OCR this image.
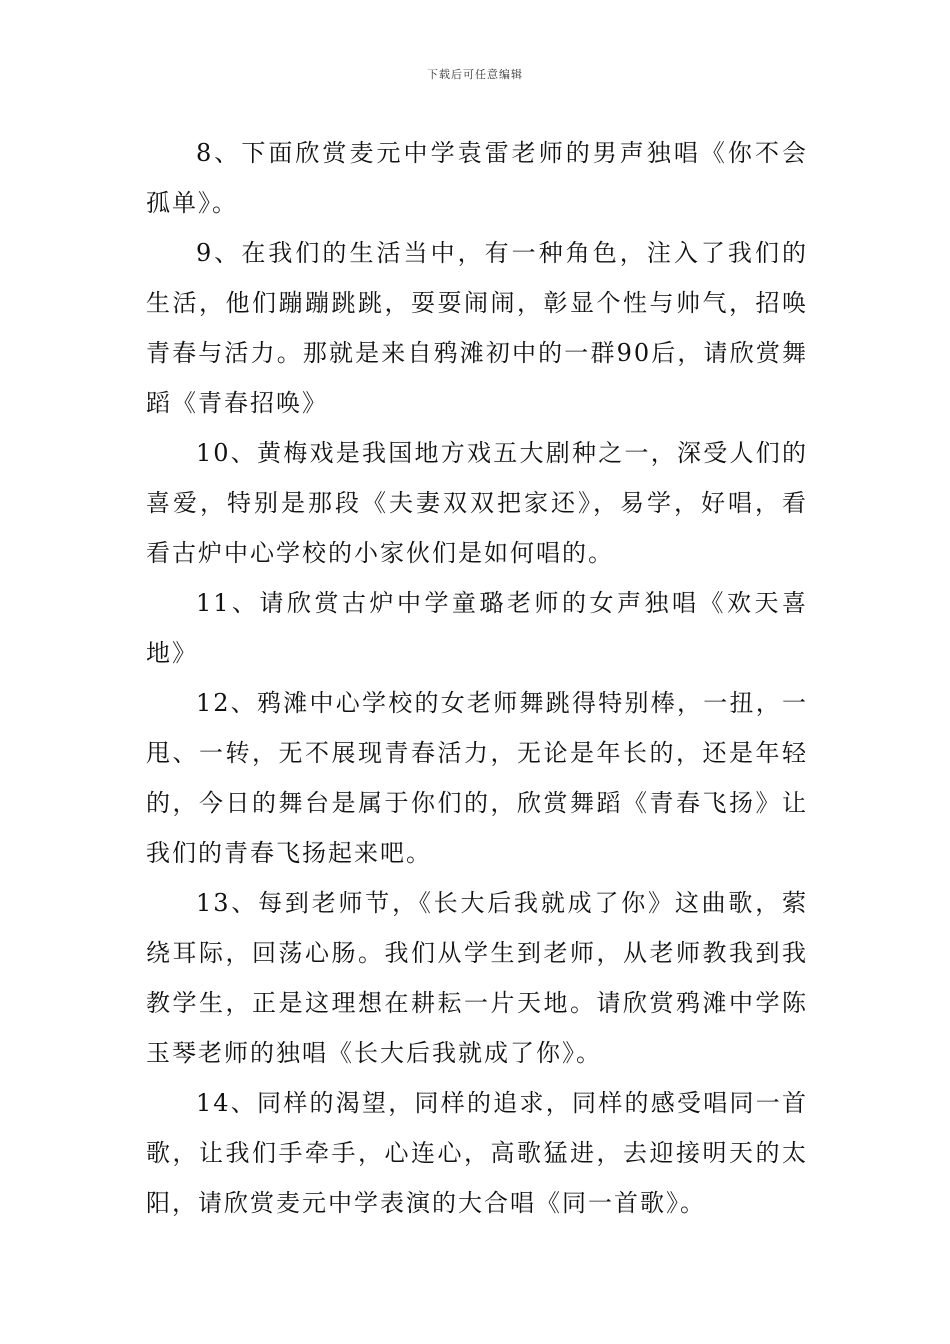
下载后可任意编辑

8、下面欣赏麦元中学袁雷老师的男声独唱《你不会孤单》。

9、在我们的生活当中，有一种角色，注入了我们的生活，他们蹦蹦跳跳，耍耍闹闹，彰显个性与帅气，招唤青春与活力。那就是来自鸦滩初中的一群90后，请欣赏舞蹈《青春招唤》

10、黄梅戏是我国地方戏五大剧种之一，深受人们的喜爱，特别是那段《夫妻双双把家还》，易学，好唱，看看古炉中心学校的小家伙们是如何唱的。

11、请欣赏古炉中学童璐老师的女声独唱《欢天喜地》

12、鸦滩中心学校的女老师舞跳得特别棒，一扭，一甩、一转，无不展现青春活力，无论是年长的，还是年轻的，今日的舞台是属于你们的，欣赏舞蹈《青春飞扬》让我们的青春飞扬起来吧。

13、每到老师节，《长大后我就成了你》这曲歌，萦绕耳际，回荡心肠。我们从学生到老师，从老师教我到我教学生，正是这理想在耕耘一片天地。请欣赏鸦滩中学陈玉琴老师的独唱《长大后我就成了你》。

14、同样的渴望，同样的追求，同样的感受唱同一首歌，让我们手牵手，心连心，高歌猛进，去迎接明天的太阳，请欣赏麦元中学表演的大合唱《同一首歌》。
